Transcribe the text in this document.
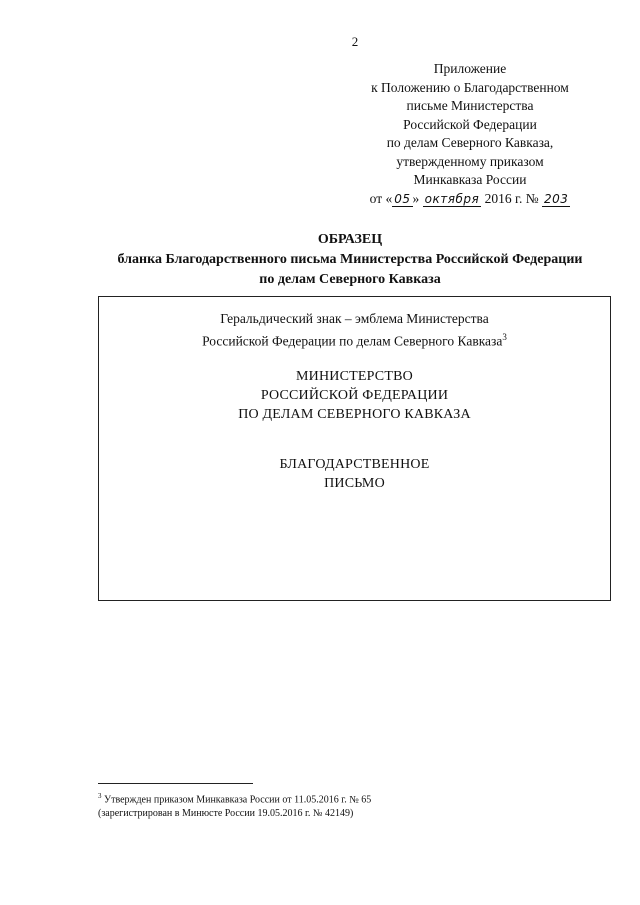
2
Приложение
к Положению о Благодарственном
письме Министерства
Российской Федерации
по делам Северного Кавказа,
утвержденному приказом
Минкавказа России
от « 05 » октября 2016 г. № 203
ОБРАЗЕЦ
бланка Благодарственного письма Министерства Российской Федерации
по делам Северного Кавказа
Геральдический знак – эмблема Министерства
Российской Федерации по делам Северного Кавказа$^3$
МИНИСТЕРСТВО
РОССИЙСКОЙ ФЕДЕРАЦИИ
ПО ДЕЛАМ СЕВЕРНОГО КАВКАЗА
БЛАГОДАРСТВЕННОЕ
ПИСЬМО
$^3$ Утвержден приказом Минкавказа России от 11.05.2016 г. № 65
(зарегистрирован в Минюсте России 19.05.2016 г. № 42149)
